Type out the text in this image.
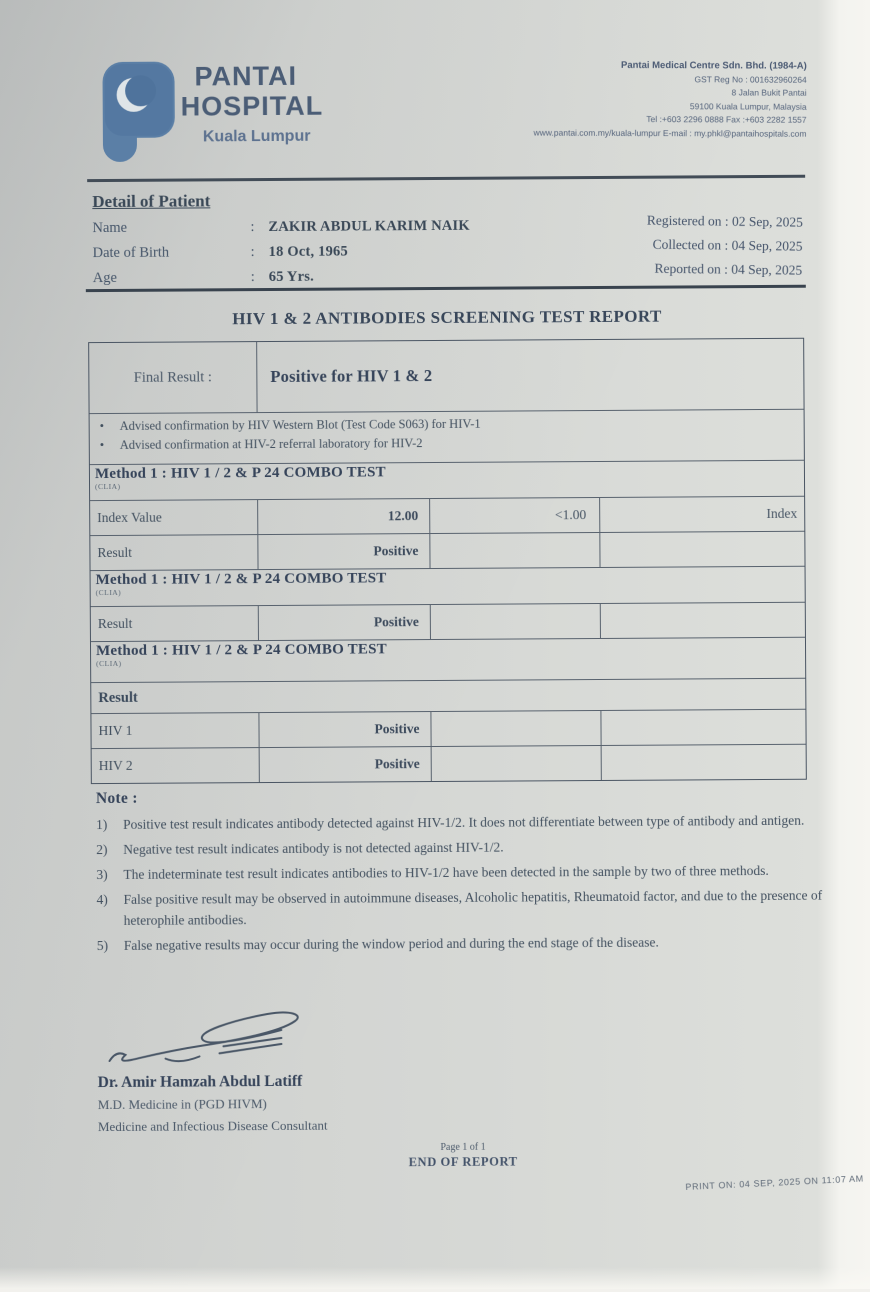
PANTAI
HOSPITAL
Kuala Lumpur
Pantai Medical Centre Sdn. Bhd. (1984-A)
GST Reg No : 001632960264
8 Jalan Bukit Pantai
59100 Kuala Lumpur, Malaysia
Tel :+603 2296 0888 Fax :+603 2282 1557
www.pantai.com.my/kuala-lumpur E-mail : my.phkl@pantaihospitals.com
Detail of Patient
Name	: ZAKIR ABDUL KARIM NAIK
Date of Birth	: 18 Oct, 1965
Age	: 65 Yrs.
Registered on : 02 Sep, 2025
Collected on : 04 Sep, 2025
Reported on : 04 Sep, 2025
HIV 1 & 2 ANTIBODIES SCREENING TEST REPORT
Final Result :	Positive for HIV 1 & 2
•	Advised confirmation by HIV Western Blot (Test Code S063) for HIV-1
•	Advised confirmation at HIV-2 referral laboratory for HIV-2
Method 1 : HIV 1 / 2 & P 24 COMBO TEST
(CLIA)
Index Value	12.00	<1.00	Index
Result	Positive
Method 1 : HIV 1 / 2 & P 24 COMBO TEST
(CLIA)
Result	Positive
Method 1 : HIV 1 / 2 & P 24 COMBO TEST
(CLIA)
Result
HIV 1	Positive
HIV 2	Positive
Note :
1)	Positive test result indicates antibody detected against HIV-1/2. It does not differentiate between type of antibody and antigen.
2)	Negative test result indicates antibody is not detected against HIV-1/2.
3)	The indeterminate test result indicates antibodies to HIV-1/2 have been detected in the sample by two of three methods.
4)	False positive result may be observed in autoimmune diseases, Alcoholic hepatitis, Rheumatoid factor, and due to the presence of heterophile antibodies.
5)	False negative results may occur during the window period and during the end stage of the disease.
Dr. Amir Hamzah Abdul Latiff
M.D. Medicine in (PGD HIVM)
Medicine and Infectious Disease Consultant
Page 1 of 1
END OF REPORT
PRINT ON: 04 SEP, 2025 ON 11:07 AM
